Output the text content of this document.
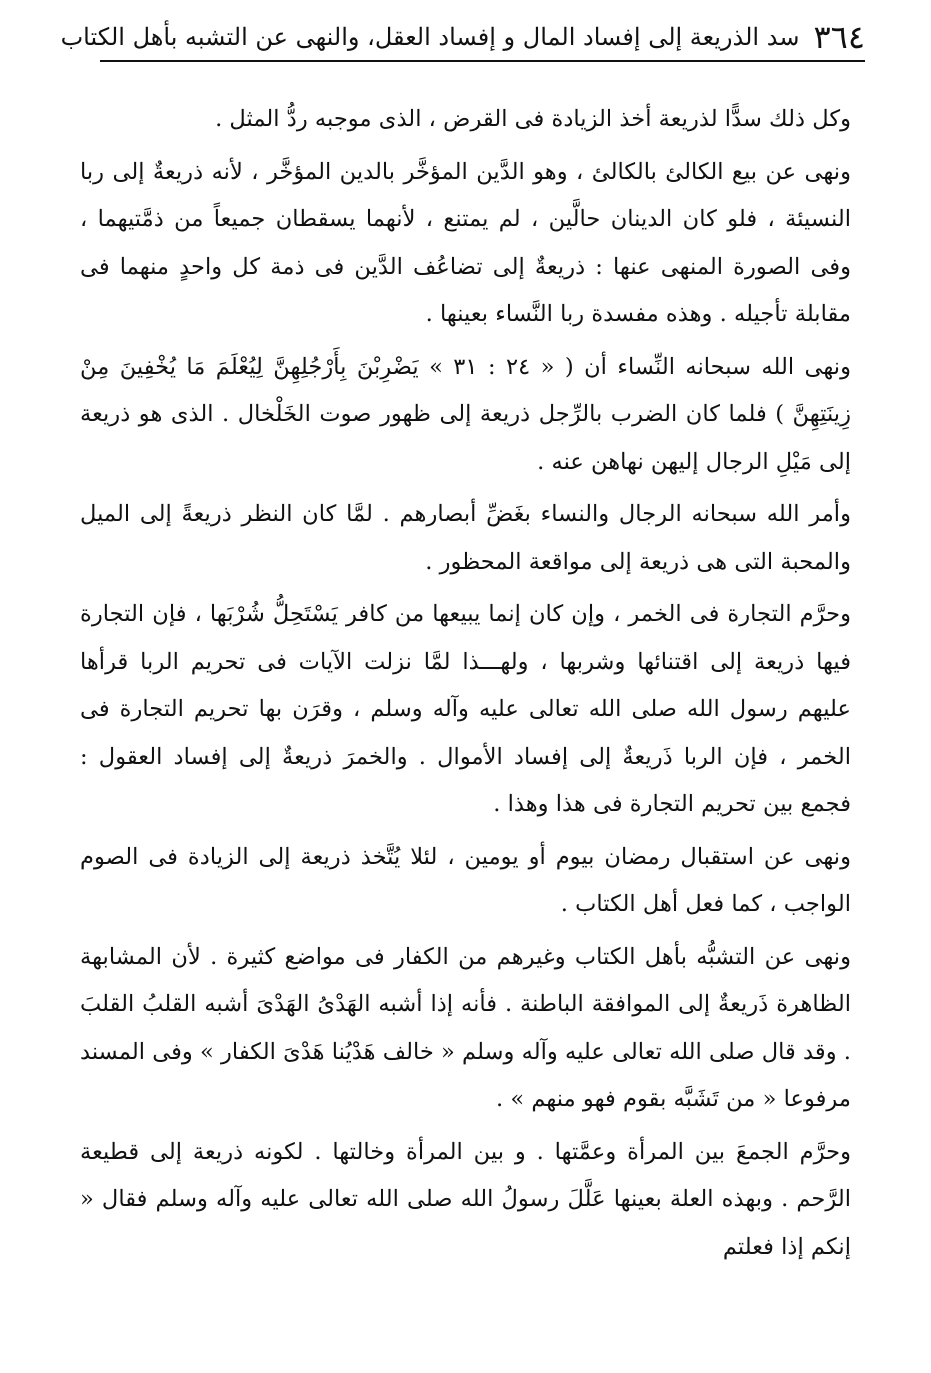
٣٦٤
سد الذريعة إلى إفساد المال و إفساد العقل، والنهى عن التشبه بأهل الكتاب

وكل ذلك سدًّا لذريعة أخذ الزيادة فى القرض ، الذى موجبه ردُّ المثل .

ونهى عن بيع الكالئ بالكالئ ، وهو الدَّين المؤخَّر بالدين المؤخَّر ، لأنه ذريعةٌ إلى ربا النسيئة ، فلو كان الدينان حالَّين ، لم يمتنع ، لأنهما يسقطان جميعاً من ذمَّتيهما ، وفى الصورة المنهى عنها : ذريعةٌ إلى تضاعُف الدَّين فى ذمة كل واحدٍ منهما فى مقابلة تأجيله . وهذه مفسدة ربا النَّساء بعينها .

ونهى الله سبحانه النِّساء أن ( « ٢٤ : ٣١ » يَضْرِبْنَ بِأَرْجُلِهِنَّ لِيُعْلَمَ مَا يُخْفِينَ مِنْ زِينَتِهِنَّ ) فلما كان الضرب بالرِّجل ذريعة إلى ظهور صوت الخَلْخال . الذى هو ذريعة إلى مَيْلِ الرجال إليهن نهاهن عنه .

وأمر الله سبحانه الرجال والنساء بغَضِّ أبصارهم . لمَّا كان النظر ذريعةً إلى الميل والمحبة التى هى ذريعة إلى مواقعة المحظور .

وحرَّم التجارة فى الخمر ، وإن كان إنما يبيعها من كافر يَسْتَحِلُّ شُرْبَها ، فإن التجارة فيها ذريعة إلى اقتنائها وشربها ، ولهـــذا لمَّا نزلت الآيات فى تحريم الربا قرأها عليهم رسول الله صلى الله تعالى عليه وآله وسلم ، وقرَن بها تحريم التجارة فى الخمر ، فإن الربا ذَريعةٌ إلى إفساد الأموال . والخمرَ ذريعةٌ إلى إفساد العقول : فجمع بين تحريم التجارة فى هذا وهذا .

ونهى عن استقبال رمضان بيوم أو يومين ، لئلا يُتَّخذ ذريعة إلى الزيادة فى الصوم الواجب ، كما فعل أهل الكتاب .

ونهى عن التشبُّه بأهل الكتاب وغيرهم من الكفار فى مواضع كثيرة . لأن المشابهة الظاهرة ذَريعةٌ إلى الموافقة الباطنة . فأنه إذا أشبه الهَدْىُ الهَدْىَ أشبه القلبُ القلبَ . وقد قال صلى الله تعالى عليه وآله وسلم « خالف هَدْيُنا هَدْىَ الكفار » وفى المسند مرفوعا « من تَشَبَّه بقوم فهو منهم » .

وحرَّم الجمعَ بين المرأة وعمَّتها . و بين المرأة وخالتها . لكونه ذريعة إلى قطيعة الرَّحم . وبهذه العلة بعينها عَلَّلَ رسولُ الله صلى الله تعالى عليه وآله وسلم فقال « إنكم إذا فعلتم
